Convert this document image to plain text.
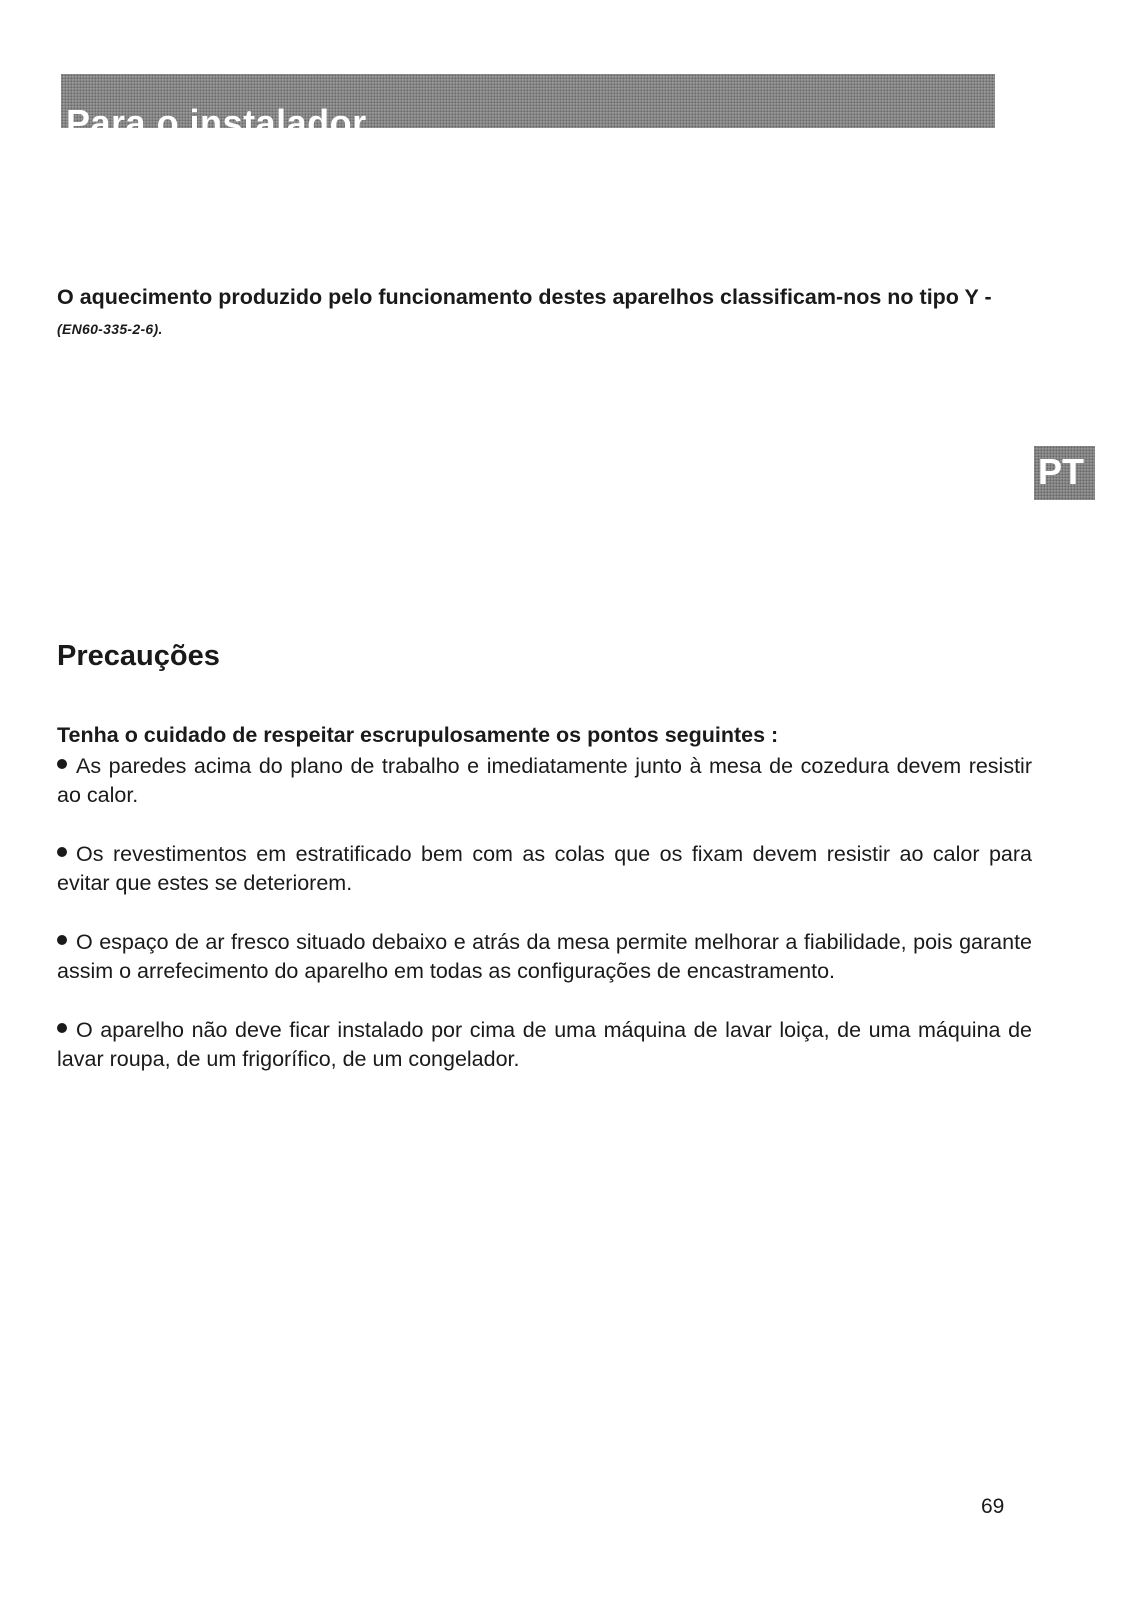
Para o instalador
PT

O aquecimento produzido pelo funcionamento destes aparelhos classificam-nos no tipo Y - (EN60-335-2-6).

Precauções

Tenha o cuidado de respeitar escrupulosamente os pontos seguintes :

As paredes acima do plano de trabalho e imediatamente junto à mesa de cozedura devem resistir ao calor.
Os revestimentos em estratificado bem com as colas que os fixam devem resistir ao calor para evitar que estes se deteriorem.
O espaço de ar fresco situado debaixo e atrás da mesa permite melhorar a fiabilidade, pois garante assim o arrefecimento do aparelho em todas as configurações de encastramento.
O aparelho não deve ficar instalado por cima de uma máquina de lavar loiça, de uma máquina de lavar roupa, de um frigorífico, de um congelador.

69
